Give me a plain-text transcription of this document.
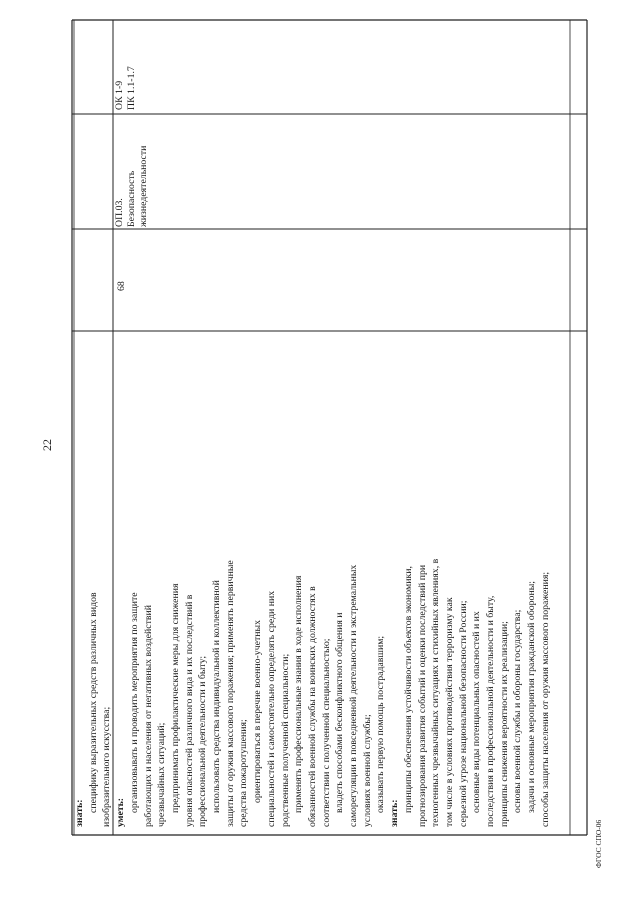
22
ФГОС СПО-06
знать:
специфику выразительных средств различных видов изобразительного искусства; уметь: организовывать и проводить мероприятия по защите работающих и населения от негативных воздействий чрезвычайных ситуаций; предпринимать профилактические меры для снижения уровня опасностей различного вида и их последствий в профессиональной деятельности и быту; использовать средства индивидуальной и коллективной защиты от оружия массового поражения; применять первичные средства пожаротушения; ориентироваться в перечне военно-учетных специальностей и самостоятельно определять среди них родственные полученной специальности; применять профессиональные знания в ходе исполнения обязанностей военной службы на воинских должностях в соответствии с полученной специальностью; владеть способами бесконфликтного общения и саморегуляции в повседневной деятельности и экстремальных условиях военной службы; оказывать первую помощь пострадавшим;
знать:
принципы обеспечения устойчивости объектов экономики, прогнозирования развития событий и оценки последствий при техногенных чрезвычайных ситуациях и стихийных явлениях, в том числе в условиях противодействия терроризму как серьезной угрозе национальной безопасности России; основные виды потенциальных опасностей и их последствия в профессиональной деятельности и быту, принципы снижения вероятности их реализации; основы военной службы и обороны государства; задачи и основные мероприятия гражданской обороны; способы защиты населения от оружия массового поражения;
68
ОП.03. Безопасность жизнедеятельности
ОК 1-9 ПК 1.1-1.7
